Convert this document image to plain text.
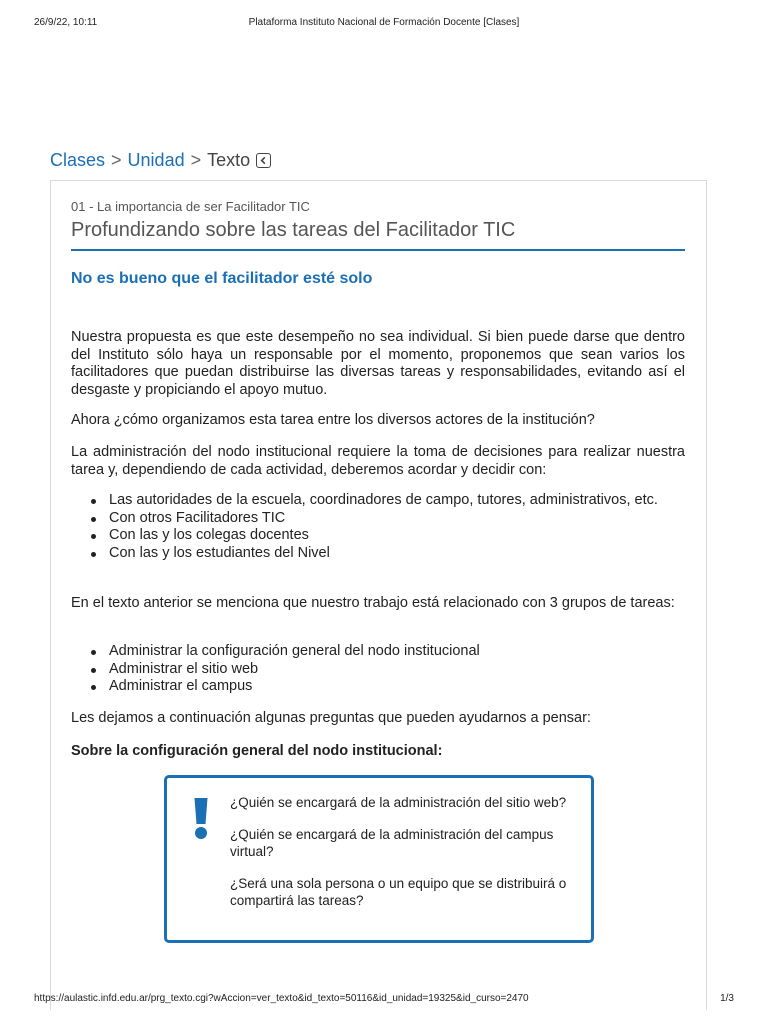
26/9/22, 10:11	Plataforma Instituto Nacional de Formación Docente [Clases]
Clases > Unidad > Texto
01 - La importancia de ser Facilitador TIC
Profundizando sobre las tareas del Facilitador TIC
No es bueno que el facilitador esté solo

Nuestra propuesta es que este desempeño no sea individual. Si bien puede darse que dentro del Instituto sólo haya un responsable por el momento, proponemos que sean varios los facilitadores que puedan distribuirse las diversas tareas y responsabilidades, evitando así el desgaste y propiciando el apoyo mutuo.

Ahora ¿cómo organizamos esta tarea entre los diversos actores de la institución?

La administración del nodo institucional requiere la toma de decisiones para realizar nuestra tarea y, dependiendo de cada actividad, deberemos acordar y decidir con:

Las autoridades de la escuela, coordinadores de campo, tutores, administrativos, etc.
Con otros Facilitadores TIC
Con las y los colegas docentes
Con las y los estudiantes del Nivel

En el texto anterior se menciona que nuestro trabajo está relacionado con 3 grupos de tareas:

Administrar la configuración general del nodo institucional
Administrar el sitio web
Administrar el campus

Les dejamos a continuación algunas preguntas que pueden ayudarnos a pensar:

Sobre la configuración general del nodo institucional:

¿Quién se encargará de la administración del sitio web?

¿Quién se encargará de la administración del campus virtual?

¿Será una sola persona o un equipo que se distribuirá o compartirá las tareas?

https://aulastic.infd.edu.ar/prg_texto.cgi?wAccion=ver_texto&id_texto=50116&id_unidad=19325&id_curso=2470	1/3
